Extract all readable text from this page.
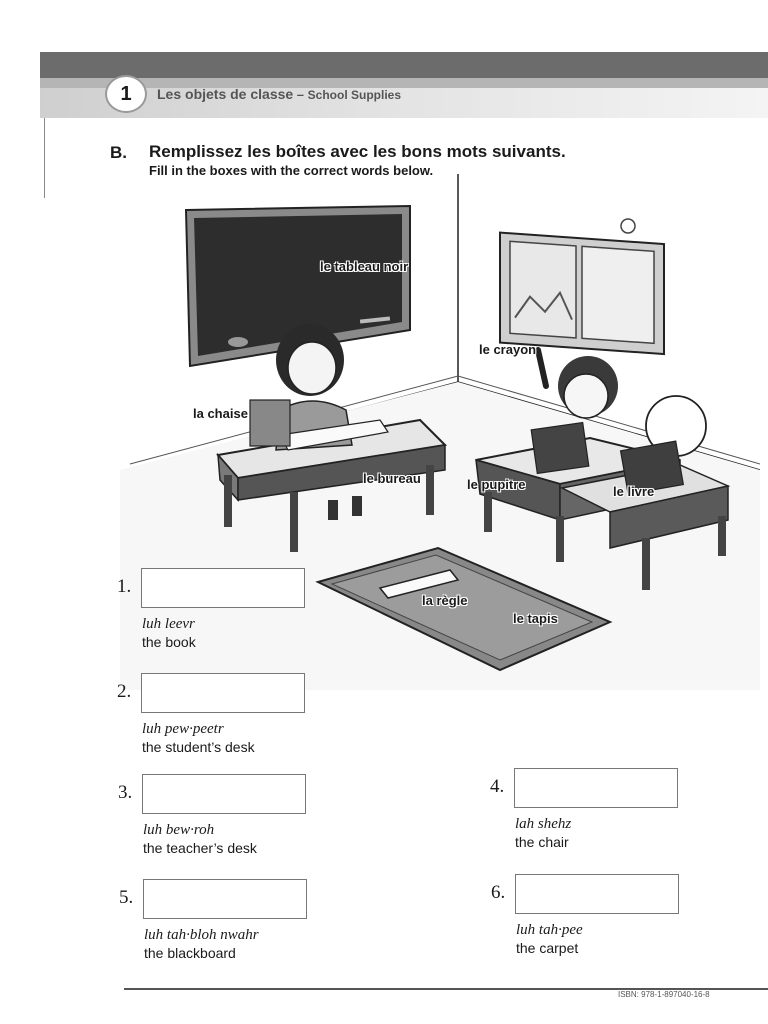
1	Les objets de classe – School Supplies
B. Remplissez les boîtes avec les bons mots suivants.
Fill in the boxes with the correct words below.
le tableau noir
le crayon
la chaise
le bureau	le pupitre	le livre
la règle
le tapis
1.
luh leevr
the book
2.
luh pew·peetr
the student’s desk
3.
luh bew·roh
the teacher’s desk
4.
lah shehz
the chair
5.
luh tah·bloh nwahr
the blackboard
6.
luh tah·pee
the carpet
ISBN: 978-1-897040-16-8
